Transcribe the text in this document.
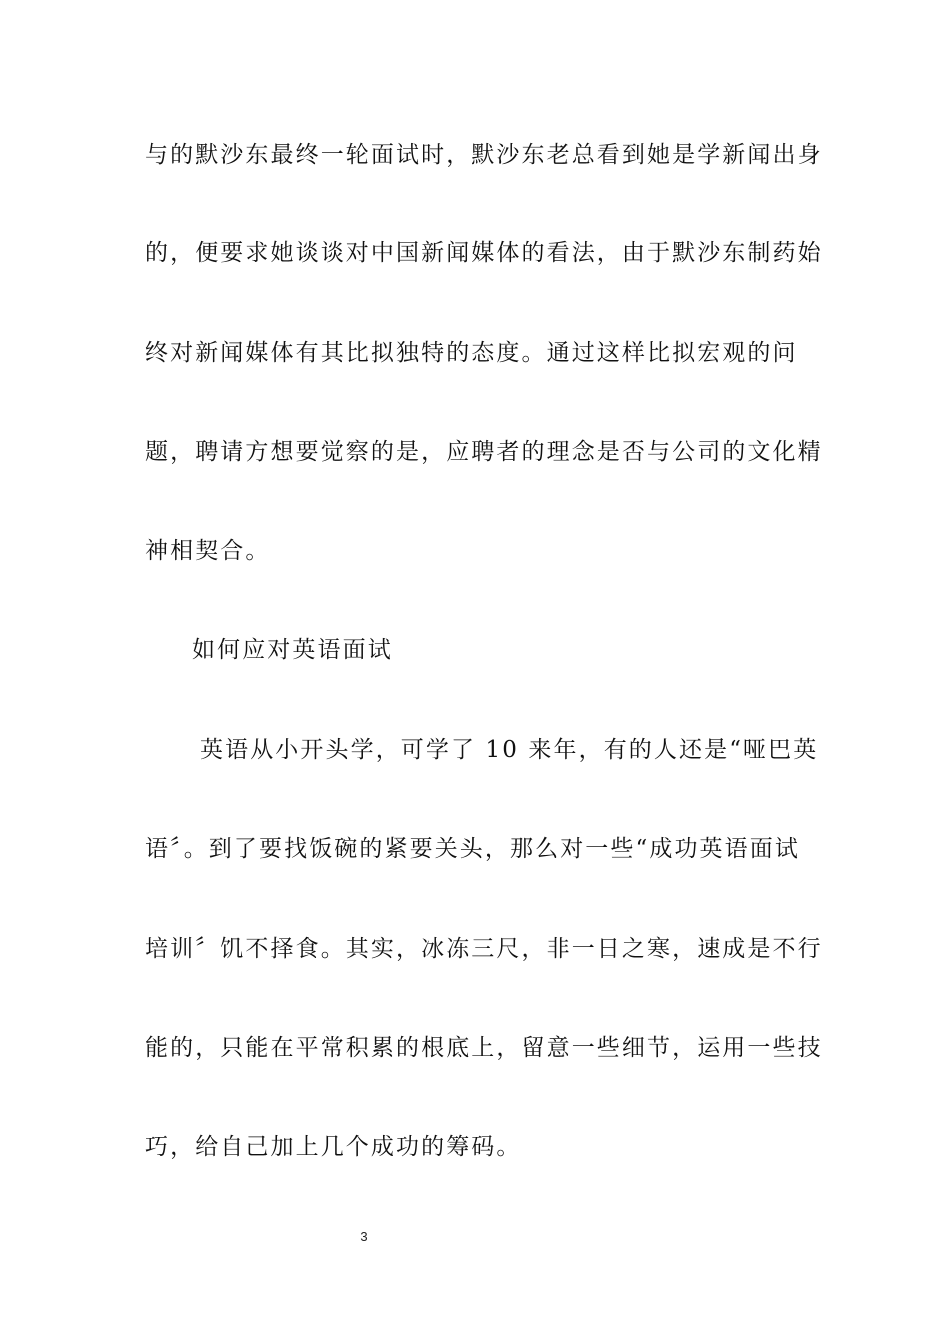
与的默沙东最终一轮面试时，默沙东老总看到她是学新闻出身
的，便要求她谈谈对中国新闻媒体的看法，由于默沙东制药始
终对新闻媒体有其比拟独特的态度。通过这样比拟宏观的问
题，聘请方想要觉察的是，应聘者的理念是否与公司的文化精
神相契合。
如何应对英语面试
英语从小开头学，可学了 10 来年，有的人还是“哑巴英
语〞。到了要找饭碗的紧要关头，那么对一些“成功英语面试
培训〞饥不择食。其实，冰冻三尺，非一日之寒，速成是不行
能的，只能在平常积累的根底上，留意一些细节，运用一些技
巧，给自己加上几个成功的筹码。
3
